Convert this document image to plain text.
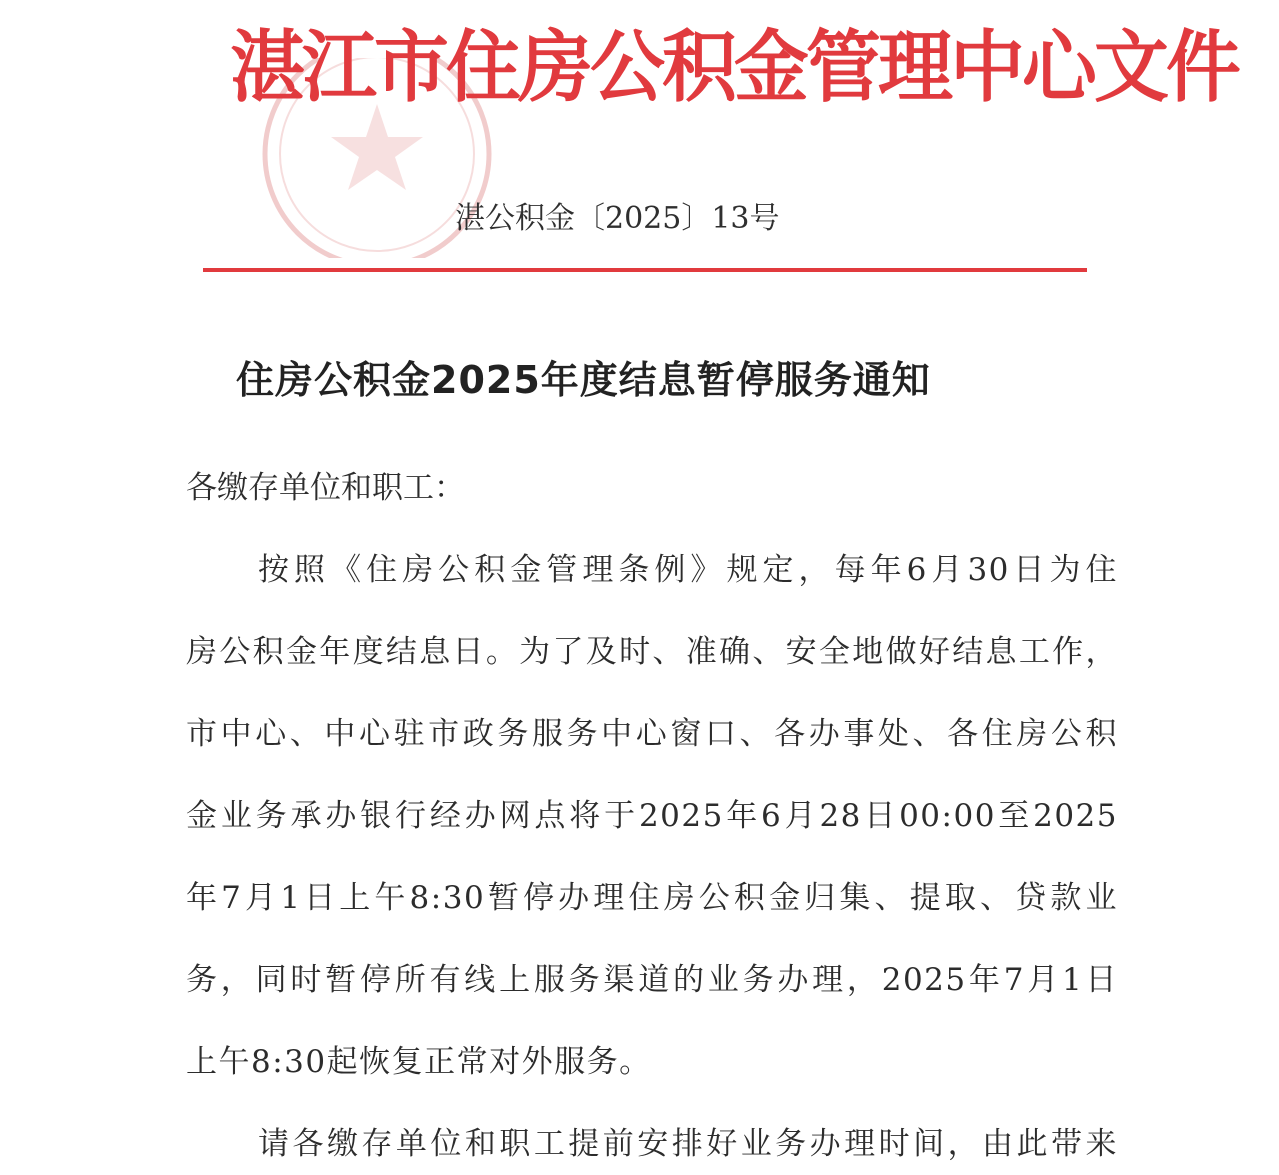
湛江市住房公积金管理中心文件
湛公积金〔2025〕13号
住房公积金2025年度结息暂停服务通知
各缴存单位和职工：
按照《住房公积金管理条例》规定，每年6月30日为住
房公积金年度结息日。为了及时、准确、安全地做好结息工作，
市中心、中心驻市政务服务中心窗口、各办事处、各住房公积
金业务承办银行经办网点将于2025年6月28日00:00至2025
年7月1日上午8:30暂停办理住房公积金归集、提取、贷款业
务，同时暂停所有线上服务渠道的业务办理，2025年7月1日
上午8:30起恢复正常对外服务。
请各缴存单位和职工提前安排好业务办理时间，由此带来
